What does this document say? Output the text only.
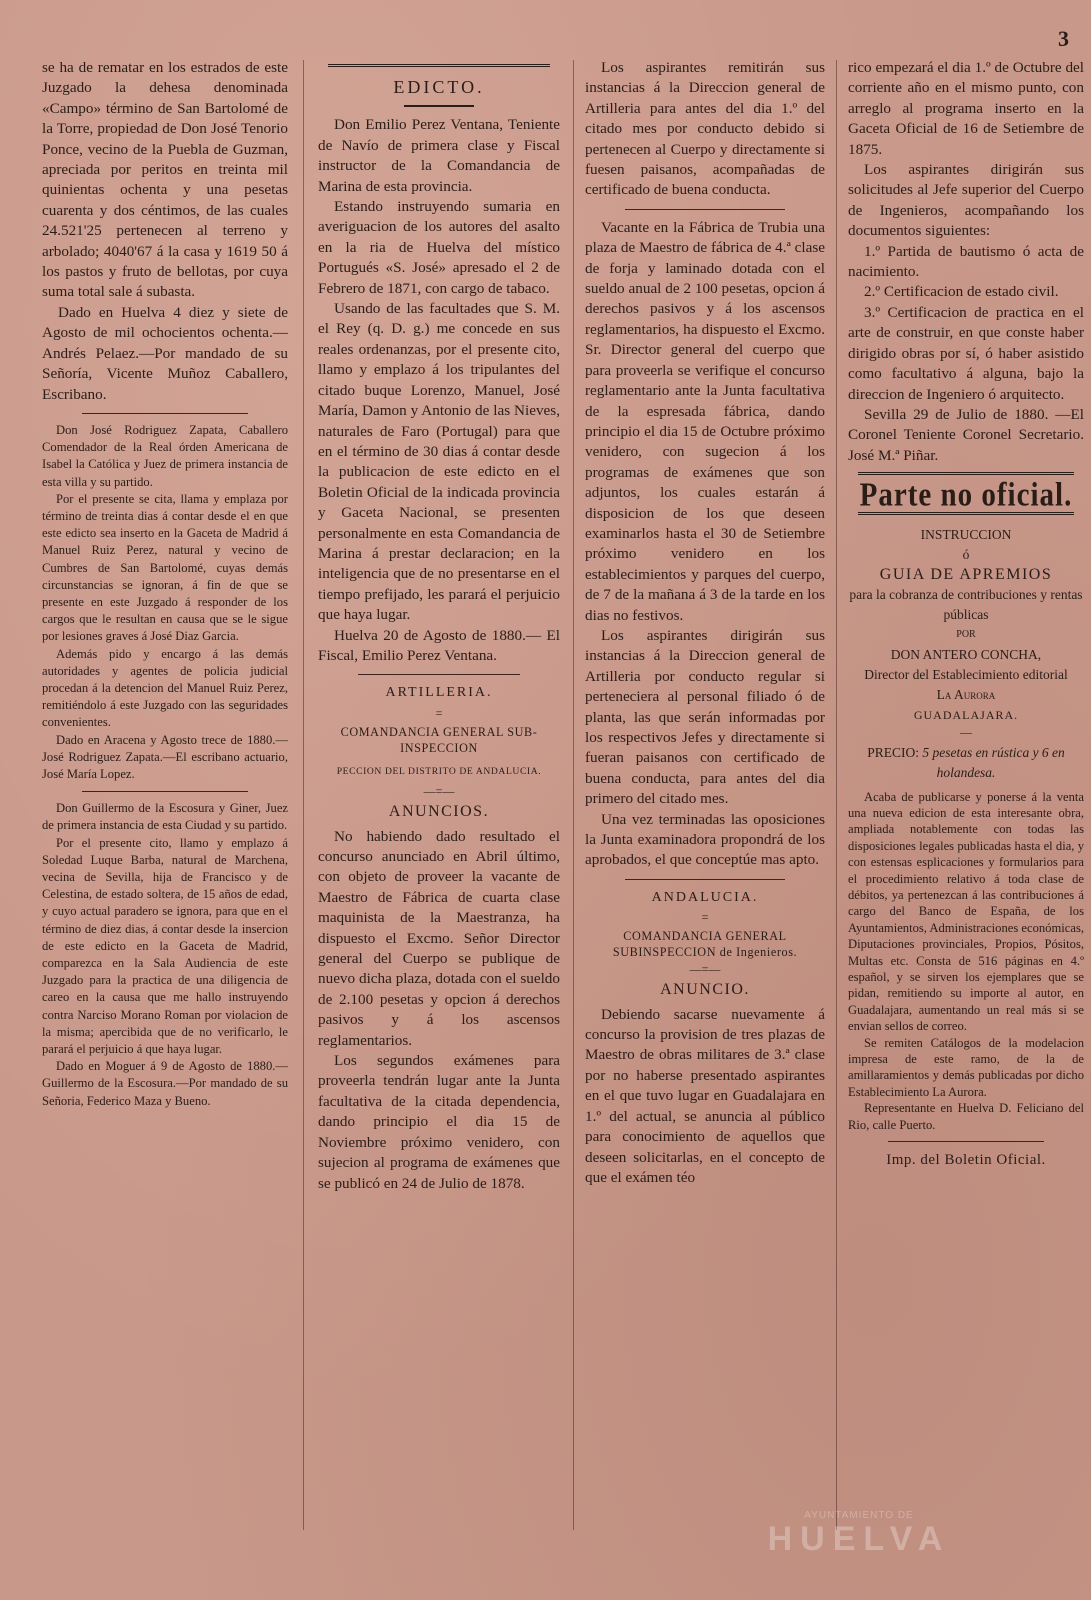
3

se ha de rematar en los estrados de este Juzgado la dehesa denominada «Campo» término de San Bartolomé de la Torre, propiedad de Don José Tenorio Ponce, vecino de la Puebla de Guzman, apreciada por peritos en treinta mil quinientas ochenta y una pesetas cuarenta y dos céntimos, de las cuales 24.521'25 pertenecen al terreno y arbolado; 4040'67 á la casa y 1619 50 á los pastos y fruto de bellotas, por cuya suma total sale á subasta.

Dado en Huelva 4 diez y siete de Agosto de mil ochocientos ochenta.—Andrés Pelaez.—Por mandado de su Señoría, Vicente Muñoz Caballero, Escribano.

Don José Rodriguez Zapata, Caballero Comendador de la Real órden Americana de Isabel la Católica y Juez de primera instancia de esta villa y su partido.

Por el presente se cita, llama y emplaza por término de treinta dias á contar desde el en que este edicto sea inserto en la Gaceta de Madrid á Manuel Ruiz Perez, natural y vecino de Cumbres de San Bartolomé, cuyas demás circunstancias se ignoran, á fin de que se presente en este Juzgado á responder de los cargos que le resultan en causa que se le sigue por lesiones graves á José Diaz Garcia.

Además pido y encargo á las demás autoridades y agentes de policia judicial procedan á la detencion del Manuel Ruiz Perez, remitiéndolo á este Juzgado con las seguridades convenientes.

Dado en Aracena y Agosto trece de 1880.—José Rodriguez Zapata.—El escribano actuario, José María Lopez.

Don Guillermo de la Escosura y Giner, Juez de primera instancia de esta Ciudad y su partido.

Por el presente cito, llamo y emplazo á Soledad Luque Barba, natural de Marchena, vecina de Sevilla, hija de Francisco y de Celestina, de estado soltera, de 15 años de edad, y cuyo actual paradero se ignora, para que en el término de diez dias, á contar desde la insercion de este edicto en la Gaceta de Madrid, comparezca en la Sala Audiencia de este Juzgado para la practica de una diligencia de careo en la causa que me hallo instruyendo contra Narciso Morano Roman por violacion de la misma; apercibida que de no verificarlo, le parará el perjuicio á que haya lugar.

Dado en Moguer á 9 de Agosto de 1880.—Guillermo de la Escosura.—Por mandado de su Señoria, Federico Maza y Bueno.

EDICTO.

Don Emilio Perez Ventana, Teniente de Navío de primera clase y Fiscal instructor de la Comandancia de Marina de esta provincia.

Estando instruyendo sumaria en averiguacion de los autores del asalto en la ria de Huelva del místico Portugués «S. José» apresado el 2 de Febrero de 1871, con cargo de tabaco.

Usando de las facultades que S. M. el Rey (q. D. g.) me concede en sus reales ordenanzas, por el presente cito, llamo y emplazo á los tripulantes del citado buque Lorenzo, Manuel, José María, Damon y Antonio de las Nieves, naturales de Faro (Portugal) para que en el término de 30 dias á contar desde la publicacion de este edicto en el Boletin Oficial de la indicada provincia y Gaceta Nacional, se presenten personalmente en esta Comandancia de Marina á prestar declaracion; en la inteligencia que de no presentarse en el tiempo prefijado, les parará el perjuicio que haya lugar.

Huelva 20 de Agosto de 1880.— El Fiscal, Emilio Perez Ventana.

ARTILLERIA.
=
COMANDANCIA GENERAL SUB-INSPECCION
PECCION DEL DISTRITO DE ANDALUCIA.
—=—
ANUNCIOS.

No habiendo dado resultado el concurso anunciado en Abril último, con objeto de proveer la vacante de Maestro de Fábrica de cuarta clase maquinista de la Maestranza, ha dispuesto el Excmo. Señor Director general del Cuerpo se publique de nuevo dicha plaza, dotada con el sueldo de 2.100 pesetas y opcion á derechos pasivos y á los ascensos reglamentarios.

Los segundos exámenes para proveerla tendrán lugar ante la Junta facultativa de la citada dependencia, dando principio el dia 15 de Noviembre próximo venidero, con sujecion al programa de exámenes que se publicó en 24 de Julio de 1878.

Los aspirantes remitirán sus instancias á la Direccion general de Artilleria para antes del dia 1.º del citado mes por conducto debido si pertenecen al Cuerpo y directamente si fuesen paisanos, acompañadas de certificado de buena conducta.

Vacante en la Fábrica de Trubia una plaza de Maestro de fábrica de 4.ª clase de forja y laminado dotada con el sueldo anual de 2 100 pesetas, opcion á derechos pasivos y á los ascensos reglamentarios, ha dispuesto el Excmo. Sr. Director general del cuerpo que para proveerla se verifique el concurso reglamentario ante la Junta facultativa de la espresada fábrica, dando principio el dia 15 de Octubre próximo venidero, con sugecion á los programas de exámenes que son adjuntos, los cuales estarán á disposicion de los que deseen examinarlos hasta el 30 de Setiembre próximo venidero en los establecimientos y parques del cuerpo, de 7 de la mañana á 3 de la tarde en los dias no festivos.

Los aspirantes dirigirán sus instancias á la Direccion general de Artilleria por conducto regular si perteneciera al personal filiado ó de planta, las que serán informadas por los respectivos Jefes y directamente si fueran paisanos con certificado de buena conducta, para antes del dia primero del citado mes.

Una vez terminadas las oposiciones la Junta examinadora propondrá de los aprobados, el que conceptúe mas apto.

ANDALUCIA.
=
COMANDANCIA GENERAL SUBINSPECCION de Ingenieros.
—=—
ANUNCIO.

Debiendo sacarse nuevamente á concurso la provision de tres plazas de Maestro de obras militares de 3.ª clase por no haberse presentado aspirantes en el que tuvo lugar en Guadalajara en 1.º del actual, se anuncia al público para conocimiento de aquellos que deseen solicitarlas, en el concepto de que el exámen téo

rico empezará el dia 1.º de Octubre del corriente año en el mismo punto, con arreglo al programa inserto en la Gaceta Oficial de 16 de Setiembre de 1875.

Los aspirantes dirigirán sus solicitudes al Jefe superior del Cuerpo de Ingenieros, acompañando los documentos siguientes:

1.º Partida de bautismo ó acta de nacimiento.

2.º Certificacion de estado civil.

3.º Certificacion de practica en el arte de construir, en que conste haber dirigido obras por sí, ó haber asistido como facultativo á alguna, bajo la direccion de Ingeniero ó arquitecto.

Sevilla 29 de Julio de 1880. —El Coronel Teniente Coronel Secretario. José M.ª Piñar.

Parte no oficial.
INSTRUCCION
ó
GUIA DE APREMIOS
para la cobranza de contribuciones y rentas públicas
POR
DON ANTERO CONCHA,
Director del Establecimiento editorial
La Aurora
GUADALAJARA.
—
PRECIO: 5 pesetas en rústica y 6 en holandesa.

Acaba de publicarse y ponerse á la venta una nueva edicion de esta interesante obra, ampliada notablemente con todas las disposiciones legales publicadas hasta el dia, y con estensas esplicaciones y formularios para el procedimiento relativo á toda clase de débitos, ya pertenezcan á las contribuciones á cargo del Banco de España, de los Ayuntamientos, Administraciones económicas, Diputaciones provinciales, Propios, Pósitos, Multas etc. Consta de 516 páginas en 4.º español, y se sirven los ejemplares que se pidan, remitiendo su importe al autor, en Guadalajara, aumentando un real más si se envian sellos de correo.

Se remiten Catálogos de la modelacion impresa de este ramo, de la de amillaramientos y demás publicadas por dicho Establecimiento La Aurora.

Representante en Huelva D. Feliciano del Rio, calle Puerto.

Imp. del Boletin Oficial.
AYUNTAMIENTO DE
HUELVA
